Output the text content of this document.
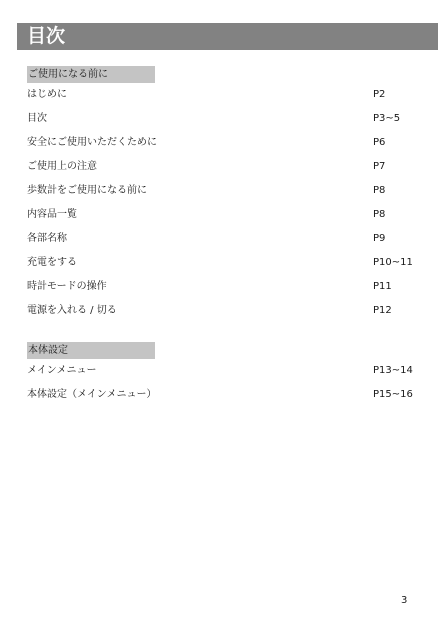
目次
ご使用になる前に
はじめに	P2
目次	P3~5
安全にご使用いただくために	P6
ご使用上の注意	P7
歩数計をご使用になる前に	P8
内容品一覧	P8
各部名称	P9
充電をする	P10~11
時計モードの操作	P11
電源を入れる / 切る	P12
本体設定
メインメニュー	P13~14
本体設定（メインメニュー）	P15~16
3
